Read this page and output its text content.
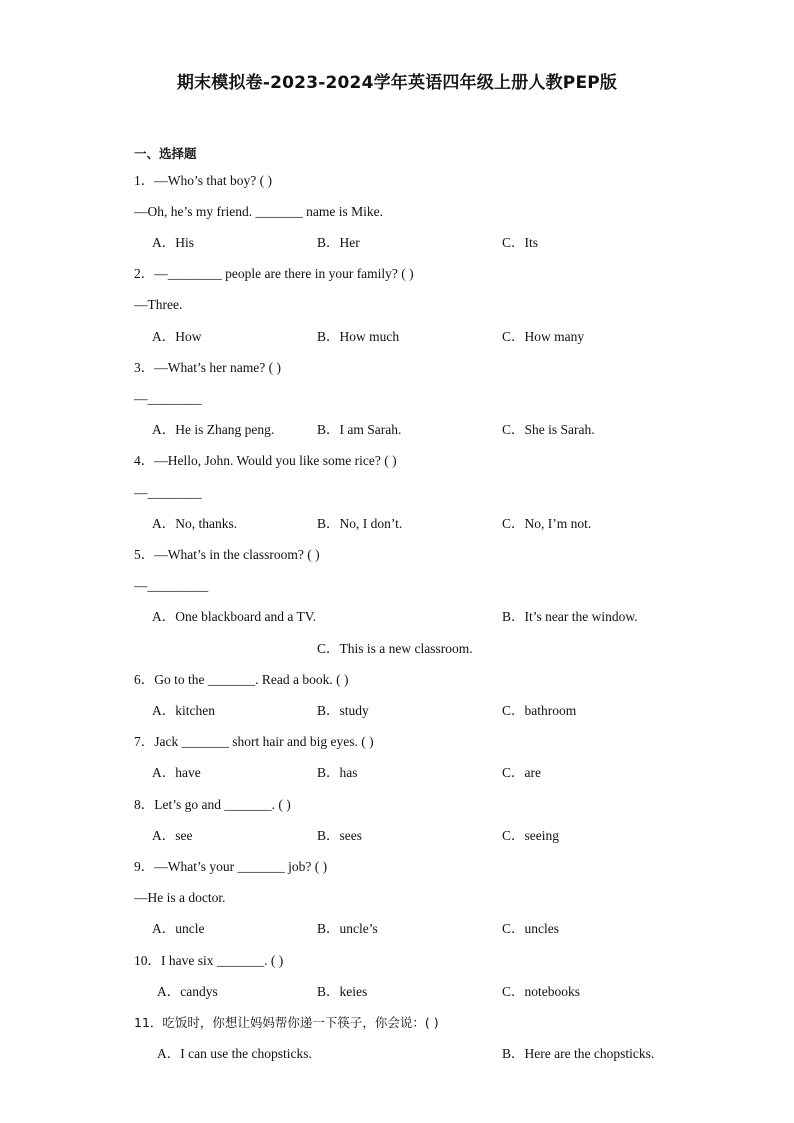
期末模拟卷-2023-2024学年英语四年级上册人教PEP版
一、选择题
1．—Who’s that boy? ( )
—Oh, he’s my friend. _______ name is Mike.
A．His	B．Her	C．Its
2．—________ people are there in your family? ( )
—Three.
A．How	B．How much	C．How many
3．—What’s her name? ( )
—________
A．He is Zhang peng.	B．I am Sarah.	C．She is Sarah.
4．—Hello, John. Would you like some rice? ( )
—________
A．No, thanks.	B．No, I don’t.	C．No, I’m not.
5．—What’s in the classroom? ( )
—_________
A．One blackboard and a TV.	B．It’s near the window.
C．This is a new classroom.
6．Go to the _______. Read a book. ( )
A．kitchen	B．study	C．bathroom
7．Jack _______ short hair and big eyes. ( )
A．have	B．has	C．are
8．Let’s go and _______. ( )
A．see	B．sees	C．seeing
9．—What’s your _______ job? ( )
—He is a doctor.
A．uncle	B．uncle’s	C．uncles
10．I have six _______. ( )
A．candys	B．keies	C．notebooks
11．吃饭时，你想让妈妈帮你递一下筷子，你会说：( )
A．I can use the chopsticks.	B．Here are the chopsticks.
